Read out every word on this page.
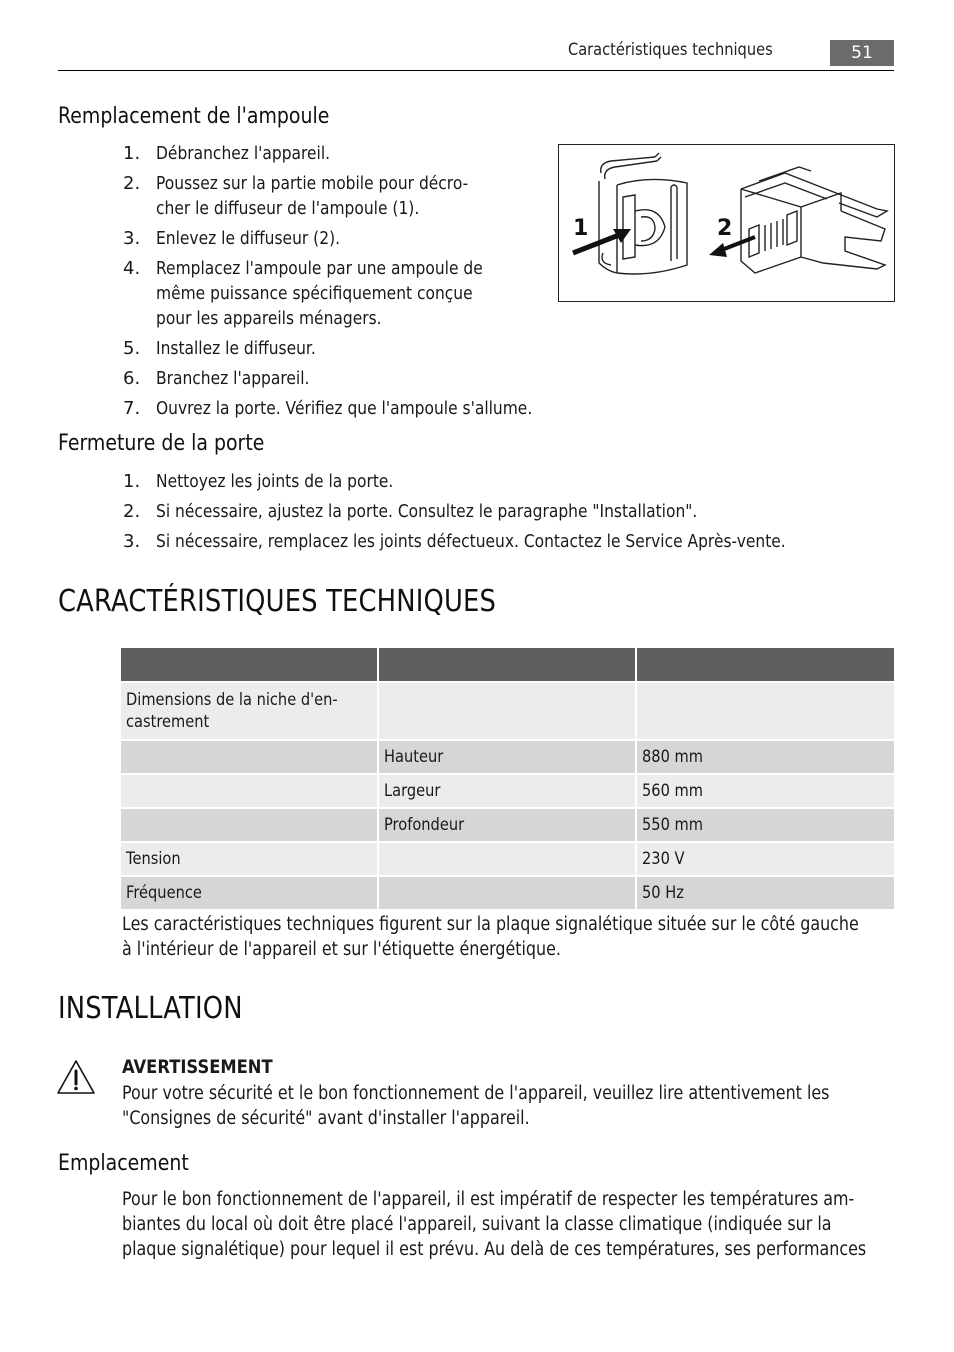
Caractéristiques techniques	51
Remplacement de l'ampoule
1. Débranchez l'appareil.
2. Poussez sur la partie mobile pour décro-
cher le diffuseur de l'ampoule (1).
3. Enlevez le diffuseur (2).
4. Remplacez l'ampoule par une ampoule de
même puissance spécifiquement conçue
pour les appareils ménagers.
5. Installez le diffuseur.
6. Branchez l'appareil.
7. Ouvrez la porte. Vérifiez que l'ampoule s'allume.
1	2
Fermeture de la porte
1. Nettoyez les joints de la porte.
2. Si nécessaire, ajustez la porte. Consultez le paragraphe "Installation".
3. Si nécessaire, remplacez les joints défectueux. Contactez le Service Après-vente.
CARACTÉRISTIQUES TECHNIQUES

Dimensions de la niche d'en-
castrement		
	Hauteur	880 mm
	Largeur	560 mm
	Profondeur	550 mm
Tension		230 V
Fréquence		50 Hz
Les caractéristiques techniques figurent sur la plaque signalétique située sur le côté gauche
à l'intérieur de l'appareil et sur l'étiquette énergétique.
INSTALLATION
AVERTISSEMENT
Pour votre sécurité et le bon fonctionnement de l'appareil, veuillez lire attentivement les
"Consignes de sécurité" avant d'installer l'appareil.
Emplacement
Pour le bon fonctionnement de l'appareil, il est impératif de respecter les températures am-
biantes du local où doit être placé l'appareil, suivant la classe climatique (indiquée sur la
plaque signalétique) pour lequel il est prévu. Au delà de ces températures, ses performances
